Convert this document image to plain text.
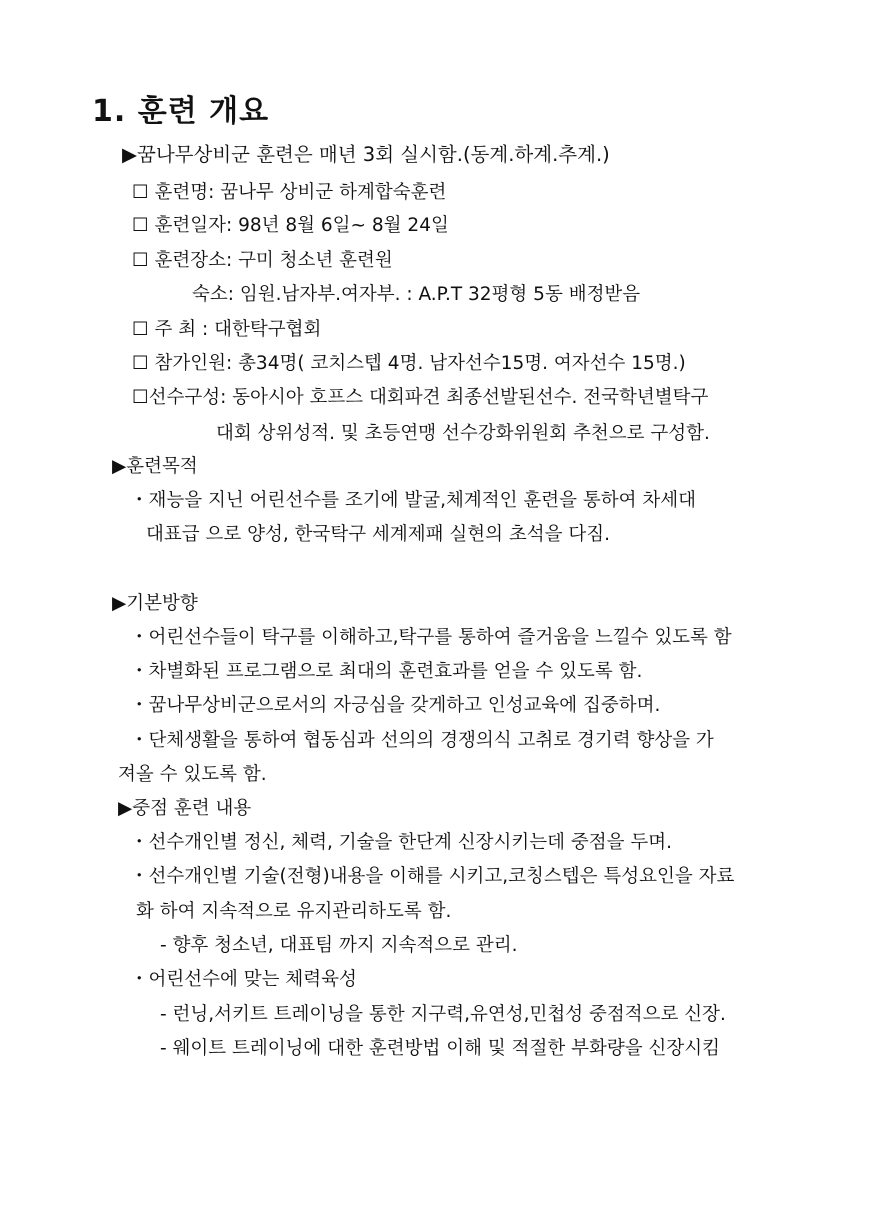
1. 훈련 개요
▶꿈나무상비군 훈련은 매년 3회 실시함.(동계.하계.추계.)
☐ 훈련명: 꿈나무 상비군 하계합숙훈련
☐ 훈련일자: 98년 8월 6일~ 8월 24일
☐ 훈련장소: 구미 청소년 훈련원
숙소: 임원.남자부.여자부. : A.P.T 32평형 5동 배정받음
☐ 주 최 : 대한탁구협회
☐ 참가인원: 총34명( 코치스텝 4명. 남자선수15명. 여자선수 15명.)
☐선수구성: 동아시아 호프스 대회파견 최종선발된선수. 전국학년별탁구
대회 상위성적. 및 초등연맹 선수강화위원회 추천으로 구성함.
▶훈련목적
・재능을 지닌 어린선수를 조기에 발굴,체계적인 훈련을 통하여 차세대
대표급 으로 양성, 한국탁구 세계제패 실현의 초석을 다짐.
▶기본방향
・어린선수들이 탁구를 이해하고,탁구를 통하여 즐거움을 느낄수 있도록 함
・차별화된 프로그램으로 최대의 훈련효과를 얻을 수 있도록 함.
・꿈나무상비군으로서의 자긍심을 갖게하고 인성교육에 집중하며.
・단체생활을 통하여 협동심과 선의의 경쟁의식 고취로 경기력 향상을 가
져올 수 있도록 함.
▶중점 훈련 내용
・선수개인별 정신, 체력, 기술을 한단계 신장시키는데 중점을 두며.
・선수개인별 기술(전형)내용을 이해를 시키고,코칭스텝은 특성요인을 자료
화 하여 지속적으로 유지관리하도록 함.
- 향후 청소년, 대표팀 까지 지속적으로 관리.
・어린선수에 맞는 체력육성
- 런닝,서키트 트레이닝을 통한 지구력,유연성,민첩성 중점적으로 신장.
- 웨이트 트레이닝에 대한 훈련방법 이해 및 적절한 부화량을 신장시킴
